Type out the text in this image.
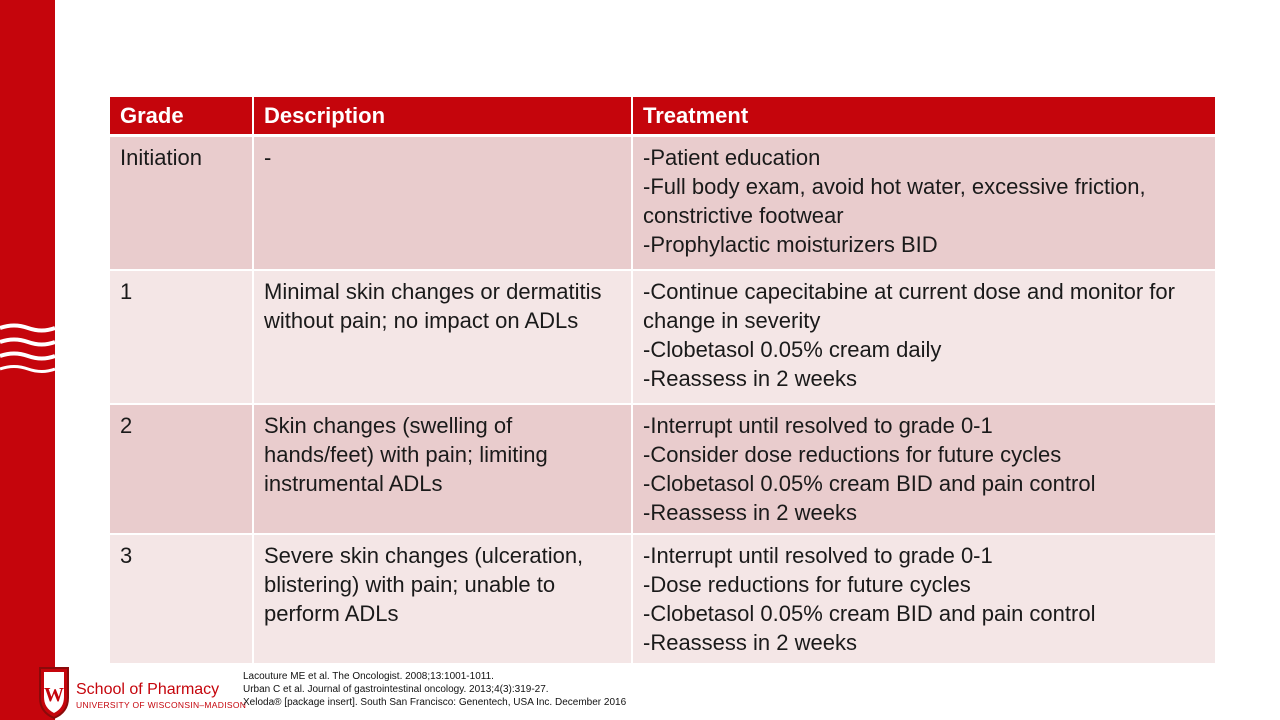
Grade	Description	Treatment
Initiation	-	-Patient education
-Full body exam, avoid hot water, excessive friction, constrictive footwear
-Prophylactic moisturizers BID

1	Minimal skin changes or dermatitis without pain; no impact on ADLs	-Continue capecitabine at current dose and monitor for change in severity
-Clobetasol 0.05% cream daily
-Reassess in 2 weeks

2	Skin changes (swelling of hands/feet) with pain; limiting instrumental ADLs	-Interrupt until resolved to grade 0-1
-Consider dose reductions for future cycles
-Clobetasol 0.05% cream BID and pain control
-Reassess in 2 weeks

3	Severe skin changes (ulceration, blistering) with pain; unable to perform ADLs	-Interrupt until resolved to grade 0-1
-Dose reductions for future cycles
-Clobetasol 0.05% cream BID and pain control
-Reassess in 2 weeks
W School of Pharmacy
UNIVERSITY OF WISCONSIN–MADISON
Lacouture ME et al. The Oncologist. 2008;13:1001-1011.
Urban C et al. Journal of gastrointestinal oncology. 2013;4(3):319-27.
Xeloda® [package insert]. South San Francisco: Genentech, USA Inc. December 2016
